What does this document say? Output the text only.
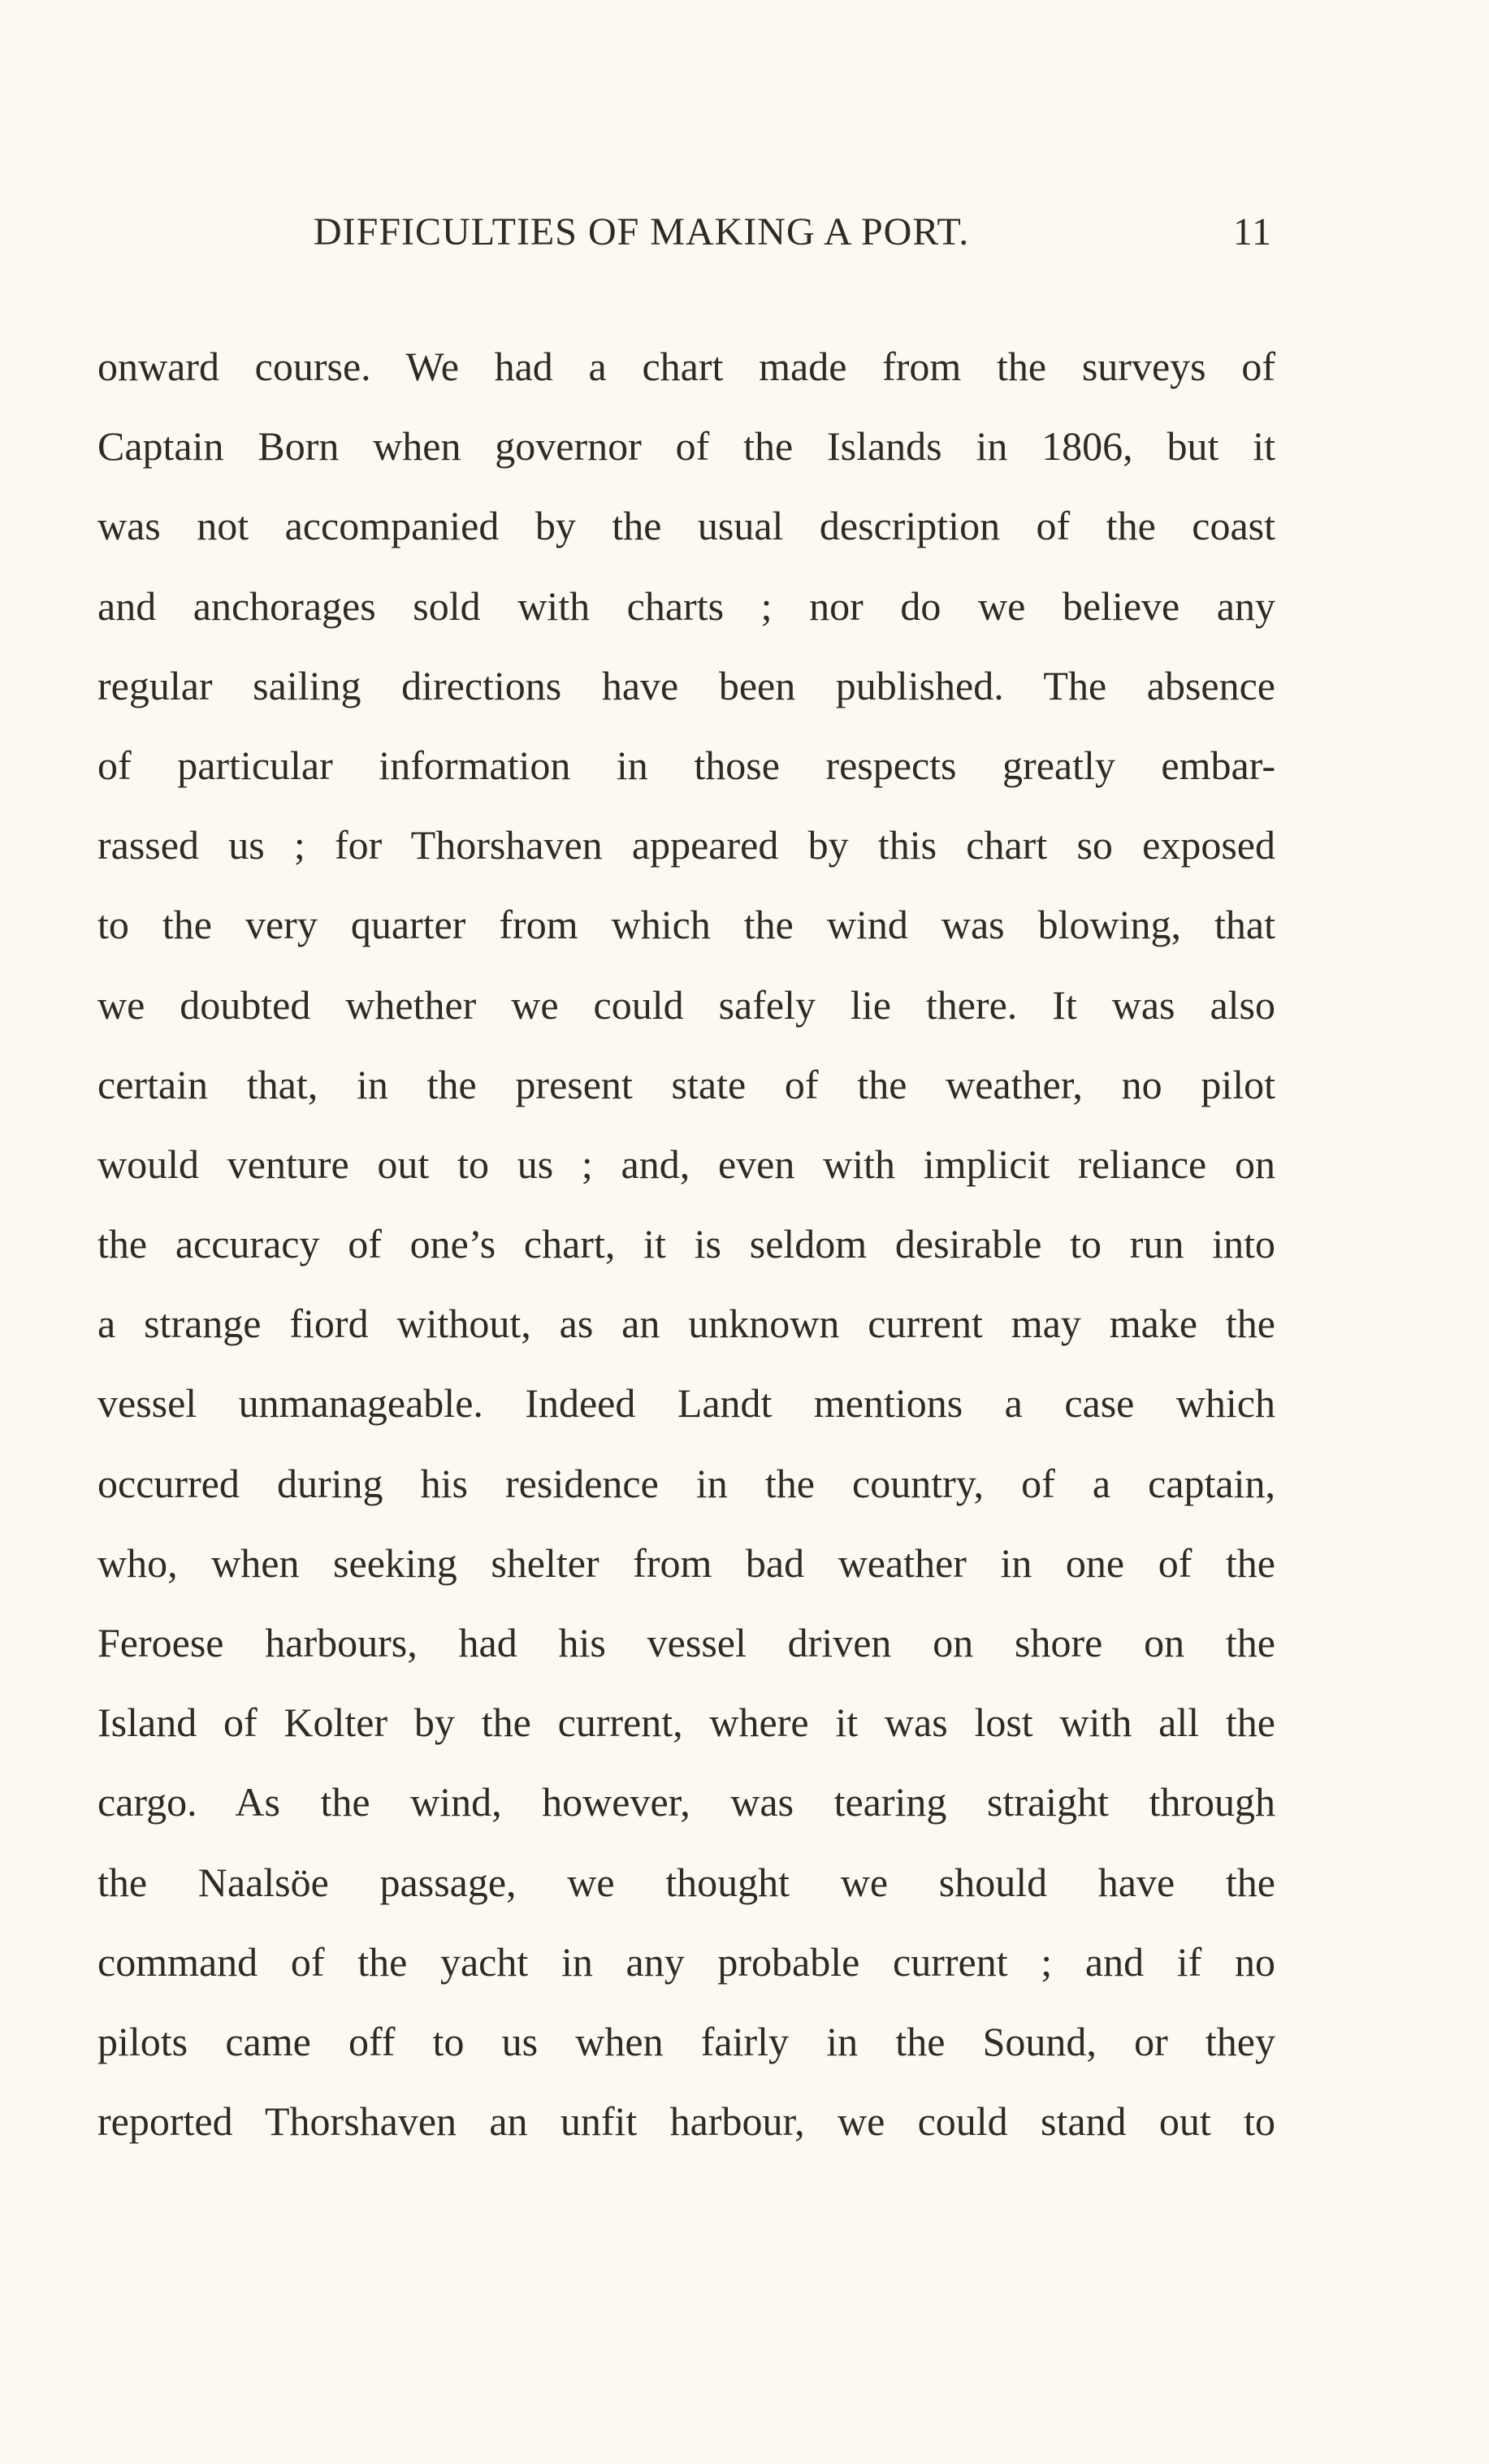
DIFFICULTIES OF MAKING A PORT.	11
onward course. We had a chart made from the surveys of
Captain Born when governor of the Islands in 1806, but it
was not accompanied by the usual description of the coast
and anchorages sold with charts ; nor do we believe any
regular sailing directions have been published. The absence
of particular information in those respects greatly embar-
rassed us ; for Thorshaven appeared by this chart so exposed
to the very quarter from which the wind was blowing, that
we doubted whether we could safely lie there. It was also
certain that, in the present state of the weather, no pilot
would venture out to us ; and, even with implicit reliance on
the accuracy of one’s chart, it is seldom desirable to run into
a strange fiord without, as an unknown current may make the
vessel unmanageable. Indeed Landt mentions a case which
occurred during his residence in the country, of a captain,
who, when seeking shelter from bad weather in one of the
Feroese harbours, had his vessel driven on shore on the
Island of Kolter by the current, where it was lost with all the
cargo. As the wind, however, was tearing straight through
the Naalsöe passage, we thought we should have the
command of the yacht in any probable current ; and if no
pilots came off to us when fairly in the Sound, or they
reported Thorshaven an unfit harbour, we could stand out to
